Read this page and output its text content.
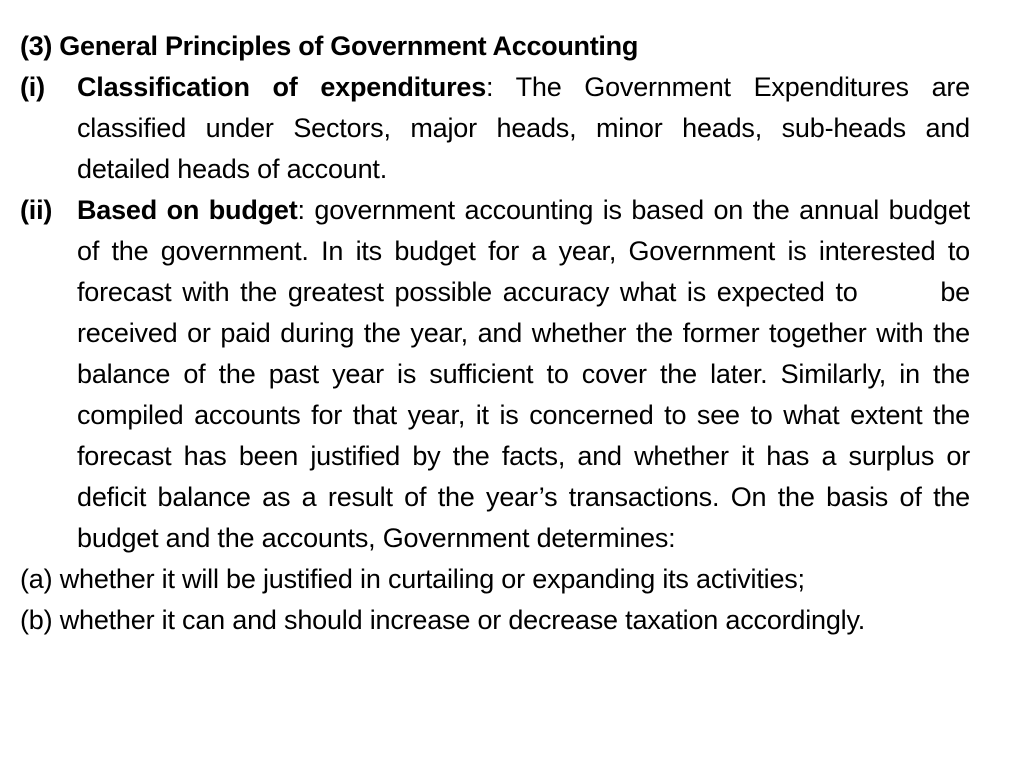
(3) General Principles of Government Accounting
(i)	Classification of expenditures: The Government Expenditures are classified under Sectors, major heads, minor heads, sub-heads and detailed heads of account.
(ii) Based on budget: government accounting is based on the annual budget of the government. In its budget for a year, Government is interested to forecast with the greatest possible accuracy what is expected to	be received or paid during the year, and whether the former together with the balance of the past year is sufficient to cover the later. Similarly, in the compiled accounts for that year, it is concerned to see to what extent the forecast has been justified by the facts, and whether it has a surplus or deficit balance as a result of the year’s transactions. On the basis of the budget and the accounts, Government determines:
(a) whether it will be justified in curtailing or expanding its activities;
(b) whether it can and should increase or decrease taxation accordingly.
